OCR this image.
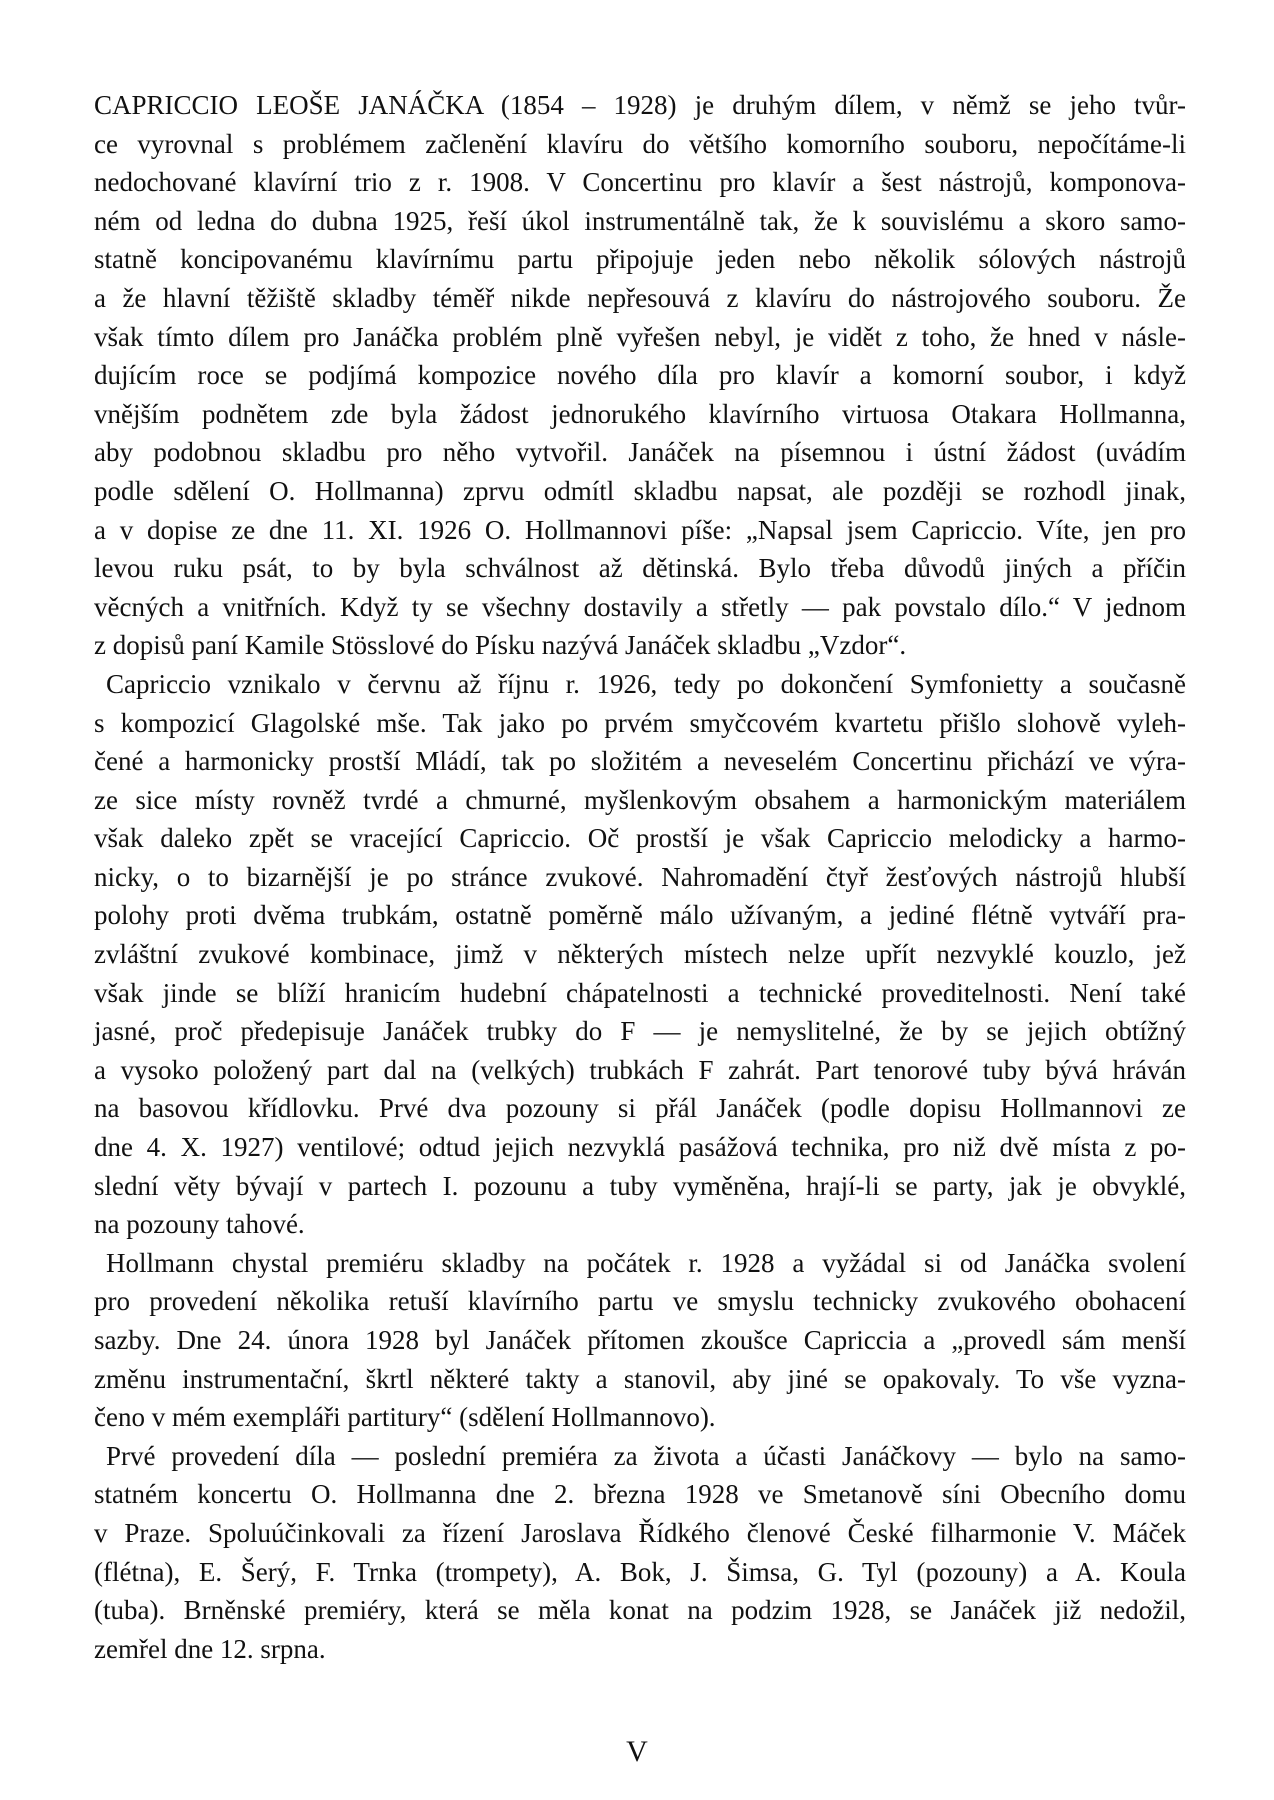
CAPRICCIO LEOŠE JANÁČKA (1854 – 1928) je druhým dílem, v němž se jeho tvůr-
ce vyrovnal s problémem začlenění klavíru do většího komorního souboru, nepočítáme-li
nedochované klavírní trio z r. 1908. V Concertinu pro klavír a šest nástrojů, komponova-
ném od ledna do dubna 1925, řeší úkol instrumentálně tak, že k souvislému a skoro samo-
statně koncipovanému klavírnímu partu připojuje jeden nebo několik sólových nástrojů
a že hlavní těžiště skladby téměř nikde nepřesouvá z klavíru do nástrojového souboru. Že
však tímto dílem pro Janáčka problém plně vyřešen nebyl, je vidět z toho, že hned v násle-
dujícím roce se podjímá kompozice nového díla pro klavír a komorní soubor, i když
vnějším podnětem zde byla žádost jednorukého klavírního virtuosa Otakara Hollmanna,
aby podobnou skladbu pro něho vytvořil. Janáček na písemnou i ústní žádost (uvádím
podle sdělení O. Hollmanna) zprvu odmítl skladbu napsat, ale později se rozhodl jinak,
a v dopise ze dne 11. XI. 1926 O. Hollmannovi píše: „Napsal jsem Capriccio. Víte, jen pro
levou ruku psát, to by byla schválnost až dětinská. Bylo třeba důvodů jiných a příčin
věcných a vnitřních. Když ty se všechny dostavily a střetly — pak povstalo dílo.“ V jednom
z dopisů paní Kamile Stösslové do Písku nazývá Janáček skladbu „Vzdor“.

Capriccio vznikalo v červnu až říjnu r. 1926, tedy po dokončení Symfonietty a současně
s kompozicí Glagolské mše. Tak jako po prvém smyčcovém kvartetu přišlo slohově vyleh-
čené a harmonicky prostší Mládí, tak po složitém a neveselém Concertinu přichází ve výra-
ze sice místy rovněž tvrdé a chmurné, myšlenkovým obsahem a harmonickým materiálem
však daleko zpět se vracející Capriccio. Oč prostší je však Capriccio melodicky a harmo-
nicky, o to bizarnější je po stránce zvukové. Nahromadění čtyř žesťových nástrojů hlubší
polohy proti dvěma trubkám, ostatně poměrně málo užívaným, a jediné flétně vytváří pra-
zvláštní zvukové kombinace, jimž v některých místech nelze upřít nezvyklé kouzlo, jež
však jinde se blíží hranicím hudební chápatelnosti a technické proveditelnosti. Není také
jasné, proč předepisuje Janáček trubky do F — je nemyslitelné, že by se jejich obtížný
a vysoko položený part dal na (velkých) trubkách F zahrát. Part tenorové tuby bývá hráván
na basovou křídlovku. Prvé dva pozouny si přál Janáček (podle dopisu Hollmannovi ze
dne 4. X. 1927) ventilové; odtud jejich nezvyklá pasážová technika, pro niž dvě místa z po-
slední věty bývají v partech I. pozounu a tuby vyměněna, hrají-li se party, jak je obvyklé,
na pozouny tahové.

Hollmann chystal premiéru skladby na počátek r. 1928 a vyžádal si od Janáčka svolení
pro provedení několika retuší klavírního partu ve smyslu technicky zvukového obohacení
sazby. Dne 24. února 1928 byl Janáček přítomen zkoušce Capriccia a „provedl sám menší
změnu instrumentační, škrtl některé takty a stanovil, aby jiné se opakovaly. To vše vyzna-
čeno v mém exempláři partitury“ (sdělení Hollmannovo).

Prvé provedení díla — poslední premiéra za života a účasti Janáčkovy — bylo na samo-
statném koncertu O. Hollmanna dne 2. března 1928 ve Smetanově síni Obecního domu
v Praze. Spoluúčinkovali za řízení Jaroslava Řídkého členové České filharmonie V. Máček
(flétna), E. Šerý, F. Trnka (trompety), A. Bok, J. Šimsa, G. Tyl (pozouny) a A. Koula
(tuba). Brněnské premiéry, která se měla konat na podzim 1928, se Janáček již nedožil,
zemřel dne 12. srpna.

V
